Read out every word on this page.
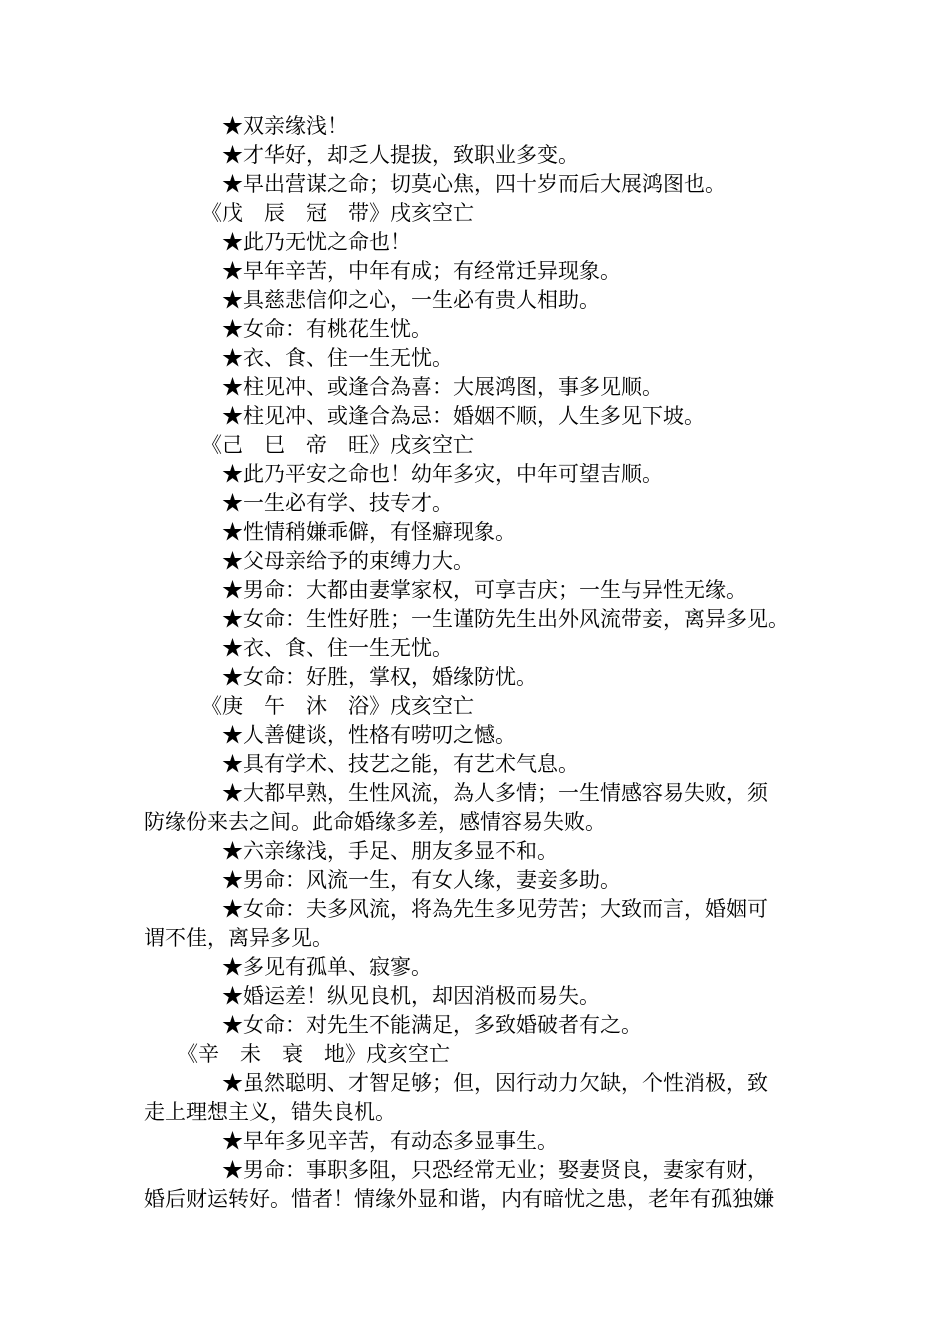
★双亲缘浅！
★才华好，却乏人提拔，致职业多变。
★早出营谋之命；切莫心焦，四十岁而后大展鸿图也。
《戊　辰　冠　带》戌亥空亡
★此乃无忧之命也！
★早年辛苦，中年有成；有经常迁异现象。
★具慈悲信仰之心，一生必有贵人相助。
★女命：有桃花生忧。
★衣、食、住一生无忧。
★柱见冲、或逢合為喜：大展鸿图，事多见顺。
★柱见冲、或逢合為忌：婚姻不顺，人生多见下坡。
《己　巳　帝　旺》戌亥空亡
★此乃平安之命也！幼年多灾，中年可望吉顺。
★一生必有学、技专才。
★性情稍嫌乖僻，有怪癖现象。
★父母亲给予的束缚力大。
★男命：大都由妻掌家权，可享吉庆；一生与异性无缘。
★女命：生性好胜；一生谨防先生出外风流带妾，离异多见。
★衣、食、住一生无忧。
★女命：好胜，掌权，婚缘防忧。
《庚　午　沐　浴》戌亥空亡
★人善健谈，性格有唠叨之憾。
★具有学术、技艺之能，有艺术气息。
★大都早熟，生性风流，為人多情；一生情感容易失败，须
防缘份来去之间。此命婚缘多差，感情容易失败。
★六亲缘浅，手足、朋友多显不和。
★男命：风流一生，有女人缘，妻妾多助。
★女命：夫多风流，将為先生多见劳苦；大致而言，婚姻可
谓不佳，离异多见。
★多见有孤单、寂寥。
★婚运差！纵见良机，却因消极而易失。
★女命：对先生不能满足，多致婚破者有之。
《辛　未　衰　地》戌亥空亡
★虽然聪明、才智足够；但，因行动力欠缺，个性消极，致
走上理想主义，错失良机。
★早年多见辛苦，有动态多显事生。
★男命：事职多阻，只恐经常无业；娶妻贤良，妻家有财，
婚后财运转好。惜者！情缘外显和谐，内有暗忧之患，老年有孤独嫌
